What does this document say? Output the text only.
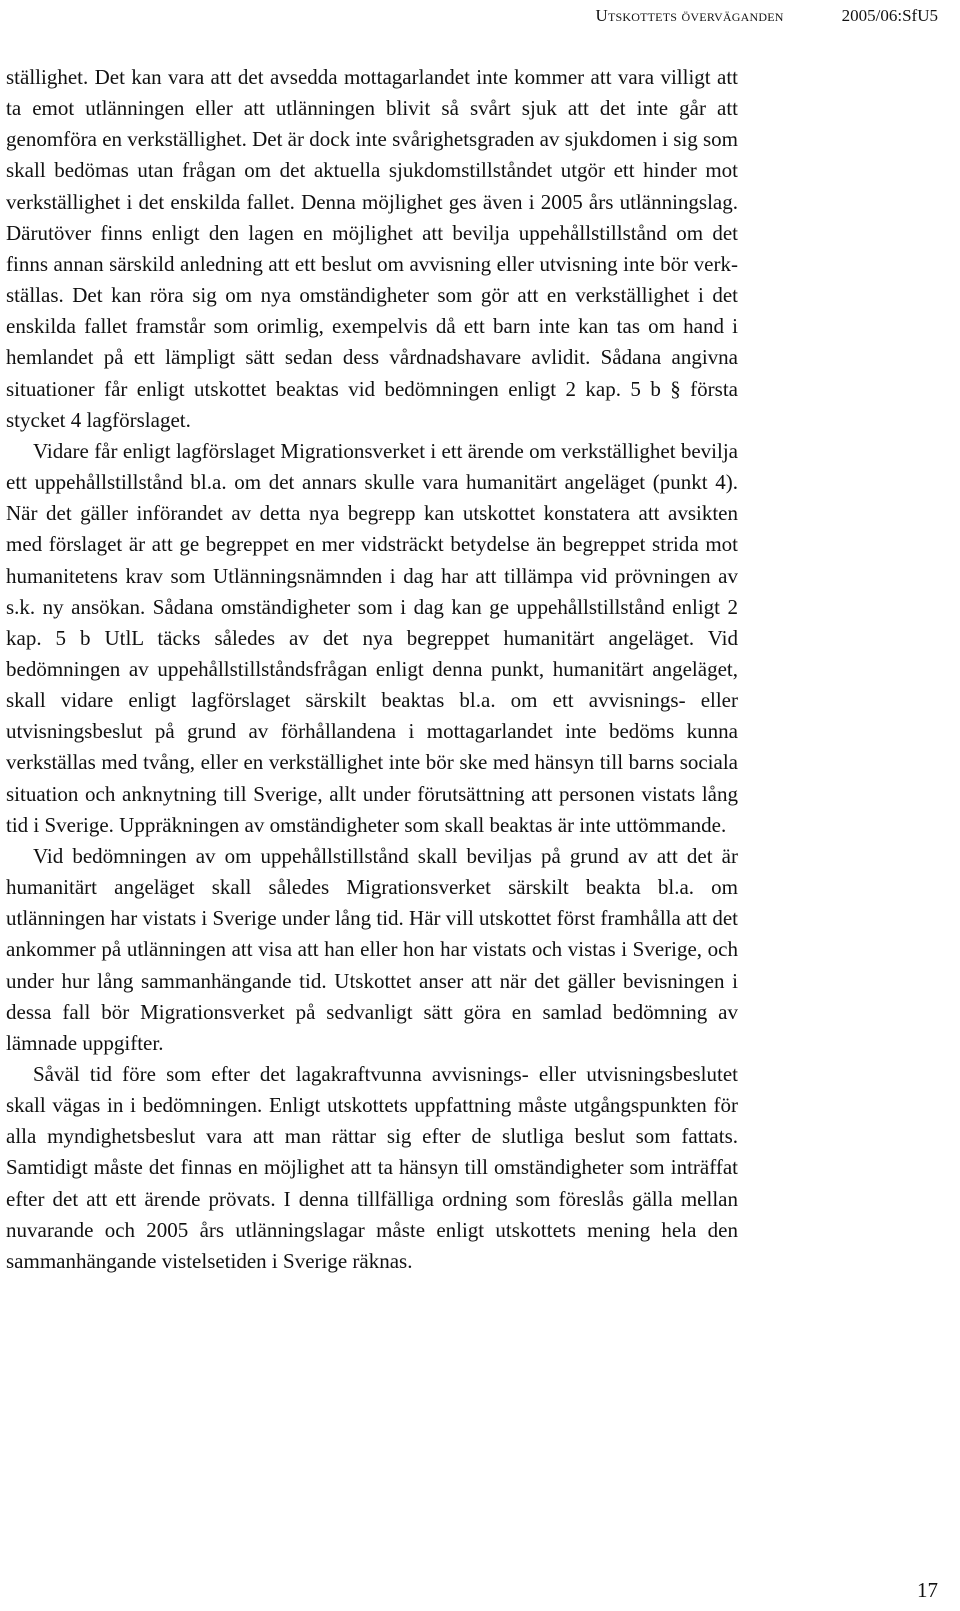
Utskottets överväganden	2005/06:SfU5

ställighet. Det kan vara att det avsedda mottagarlandet inte kommer att vara villigt att ta emot utlänningen eller att utlänningen blivit så svårt sjuk att det inte går att genomföra en verkställighet. Det är dock inte svårighetsgraden av sjukdomen i sig som skall bedömas utan frågan om det aktuella sjukdomstillståndet utgör ett hinder mot verkställighet i det enskilda fallet. Denna möjlighet ges även i 2005 års utlänningslag. Därutöver finns enligt den lagen en möjlighet att bevilja uppehållstillstånd om det finns annan särskild anledning att ett beslut om avvisning eller utvisning inte bör verkställas. Det kan röra sig om nya omständigheter som gör att en verkställighet i det enskilda fallet framstår som orimlig, exempelvis då ett barn inte kan tas om hand i hemlandet på ett lämpligt sätt sedan dess vårdnadshavare avlidit. Sådana angivna situationer får enligt utskottet beaktas vid bedömningen enligt 2 kap. 5 b § första stycket 4 lagförslaget.

Vidare får enligt lagförslaget Migrationsverket i ett ärende om verkställighet bevilja ett uppehållstillstånd bl.a. om det annars skulle vara humanitärt angeläget (punkt 4). När det gäller införandet av detta nya begrepp kan utskottet konstatera att avsikten med förslaget är att ge begreppet en mer vidsträckt betydelse än begreppet strida mot humanitetens krav som Utlänningsnämnden i dag har att tillämpa vid prövningen av s.k. ny ansökan. Sådana omständigheter som i dag kan ge uppehållstillstånd enligt 2 kap. 5 b UtlL täcks således av det nya begreppet humanitärt angeläget. Vid bedömningen av uppehållstillståndsfrågan enligt denna punkt, humanitärt angeläget, skall vidare enligt lagförslaget särskilt beaktas bl.a. om ett avvisnings- eller utvisningsbeslut på grund av förhållandena i mottagarlandet inte bedöms kunna verkställas med tvång, eller en verkställighet inte bör ske med hänsyn till barns sociala situation och anknytning till Sverige, allt under förutsättning att personen vistats lång tid i Sverige. Uppräkningen av omständigheter som skall beaktas är inte uttömmande.

Vid bedömningen av om uppehållstillstånd skall beviljas på grund av att det är humanitärt angeläget skall således Migrationsverket särskilt beakta bl.a. om utlänningen har vistats i Sverige under lång tid. Här vill utskottet först framhålla att det ankommer på utlänningen att visa att han eller hon har vistats och vistas i Sverige, och under hur lång sammanhängande tid. Utskottet anser att när det gäller bevisningen i dessa fall bör Migrationsverket på sedvanligt sätt göra en samlad bedömning av lämnade uppgifter.

Såväl tid före som efter det lagakraftvunna avvisnings- eller utvisningsbeslutet skall vägas in i bedömningen. Enligt utskottets uppfattning måste utgångspunkten för alla myndighetsbeslut vara att man rättar sig efter de slutliga beslut som fattats. Samtidigt måste det finnas en möjlighet att ta hänsyn till omständigheter som inträffat efter det att ett ärende prövats. I denna tillfälliga ordning som föreslås gälla mellan nuvarande och 2005 års utlänningslagar måste enligt utskottets mening hela den sammanhängande vistelsetiden i Sverige räknas.

17
